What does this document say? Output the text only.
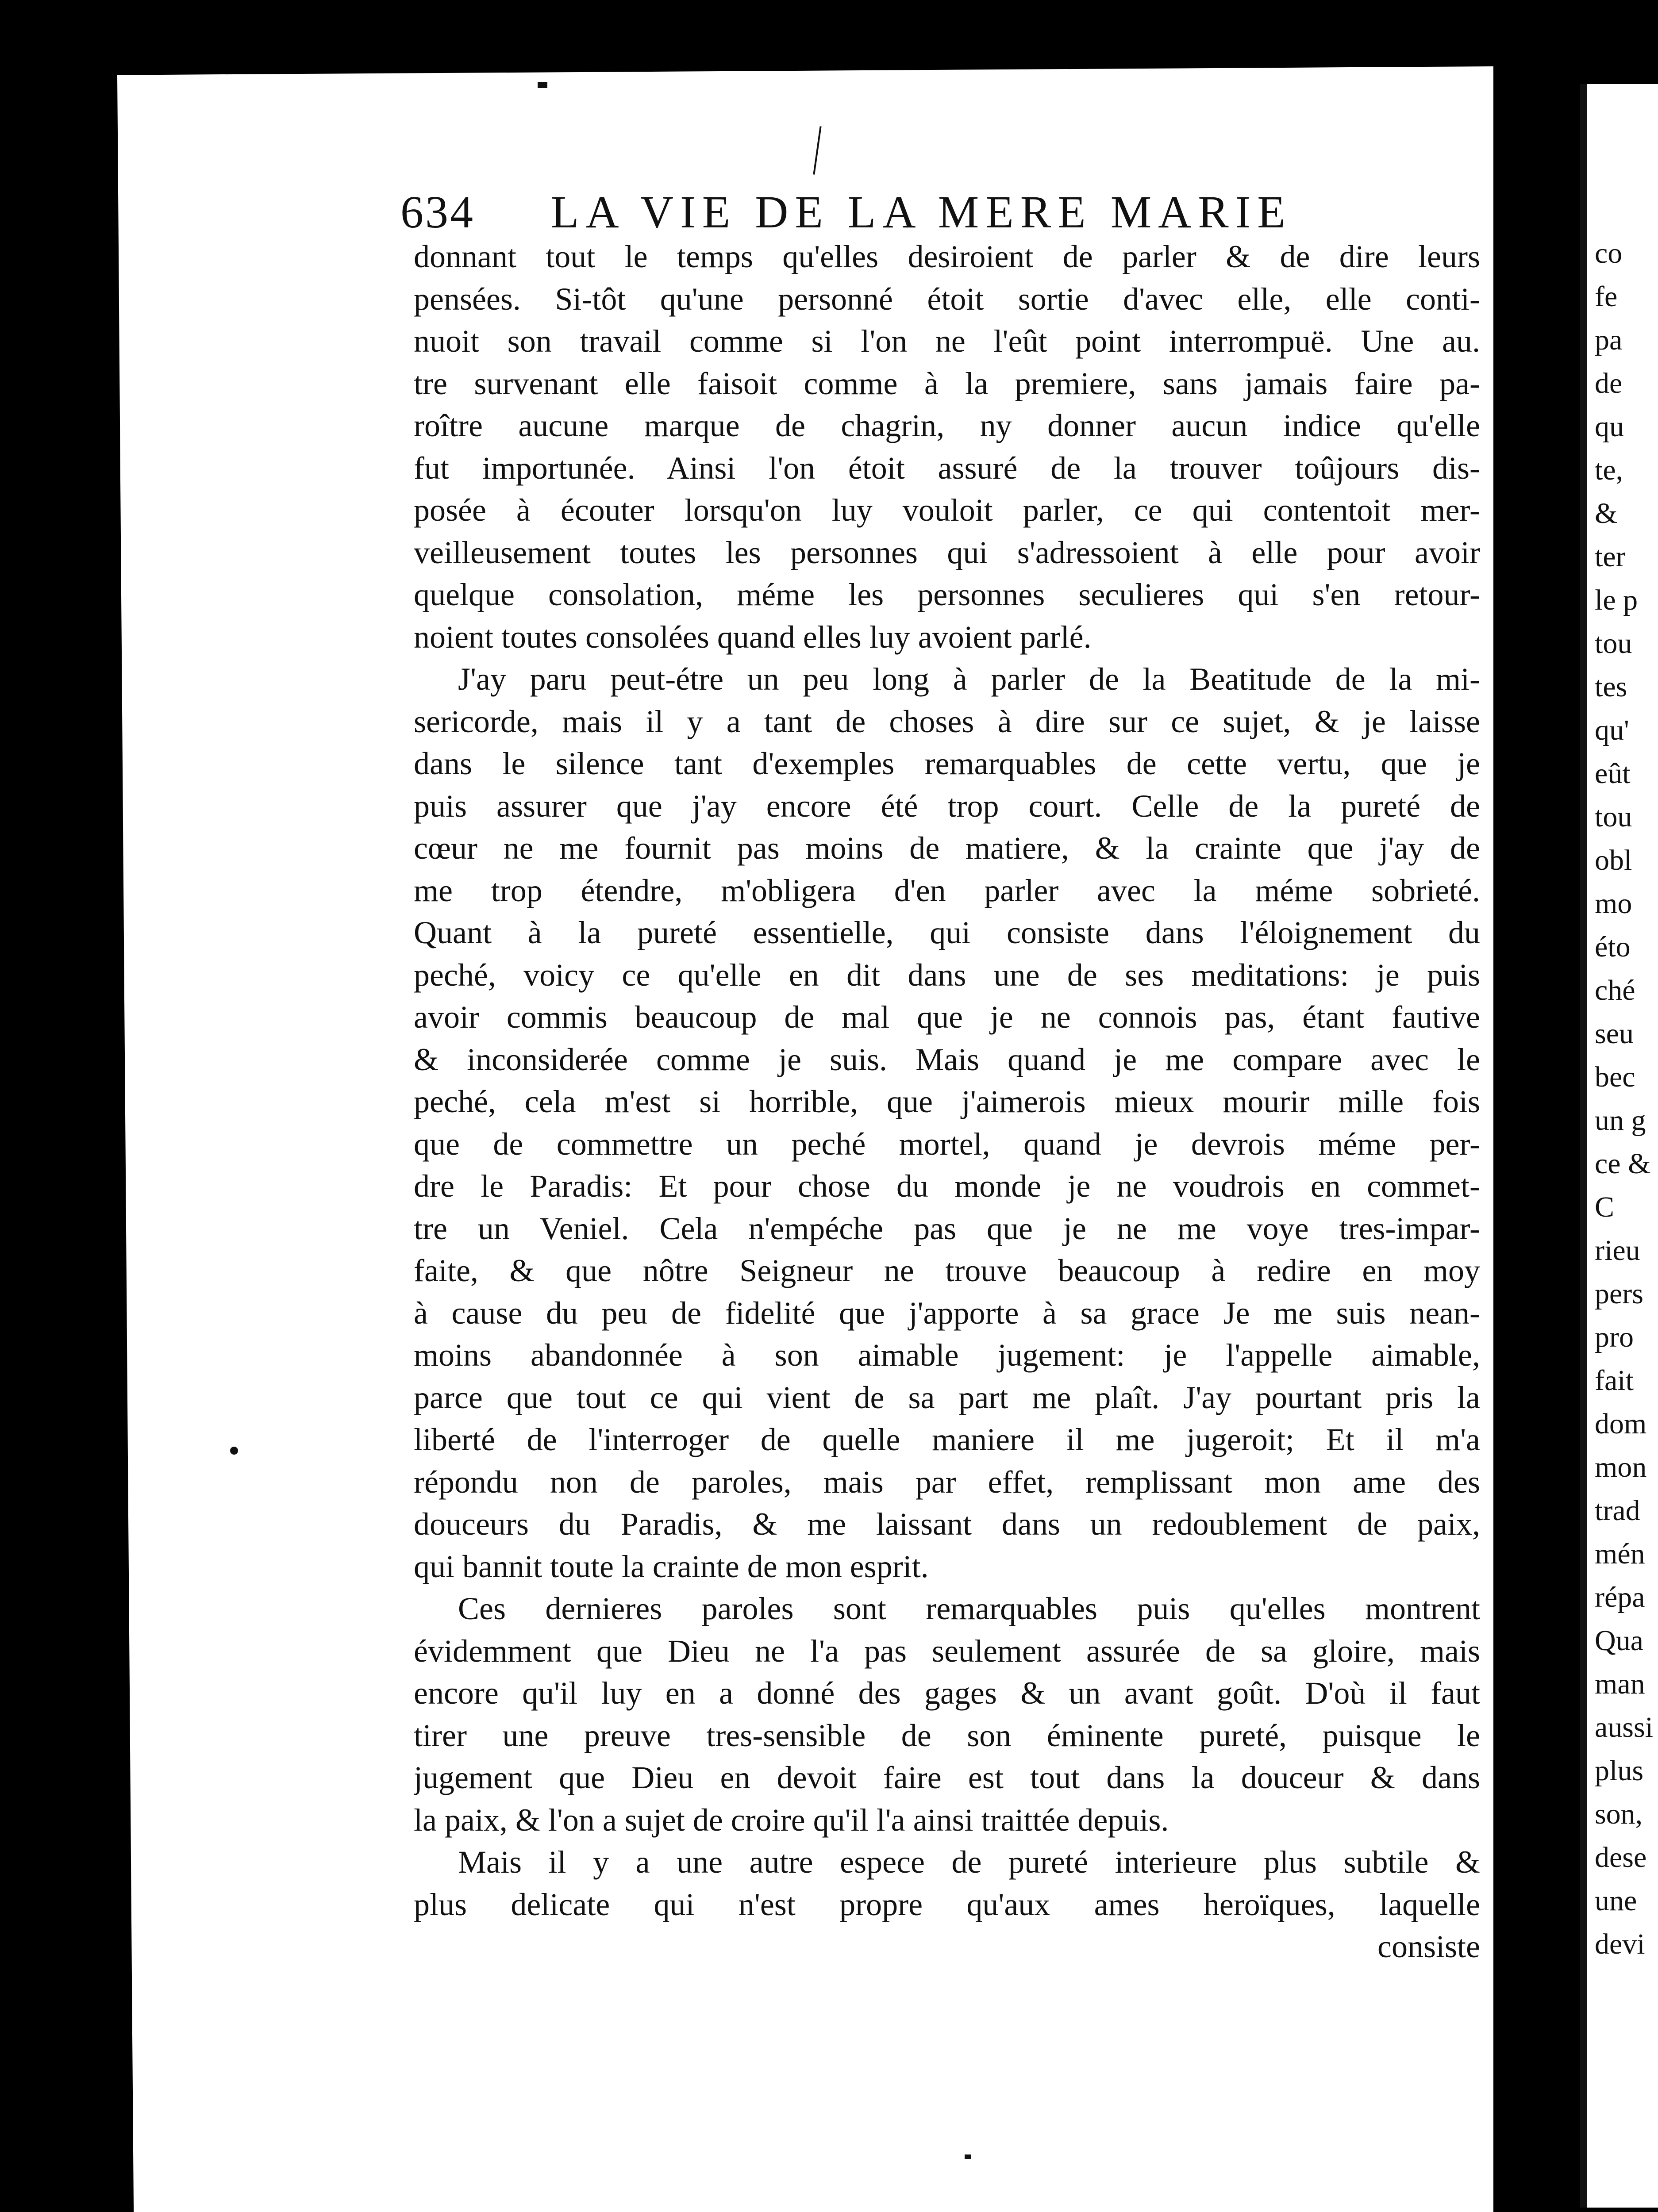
co
fe
pa
de
qu
te,
&
ter
le p
tou
tes
qu'
eût
tou
obl
mo
éto
ché
seu
bec
un g
ce &
C
rieu
pers
pro
fait
dom
mon
trad
mén
répa
Qua
man
aussi
plus
son,
dese
une
devi
634 LA VIE DE LA MERE MARIE
donnant tout le temps qu'elles desiroient de parler & de dire leurs
pensées. Si-tôt qu'une personné étoit sortie d'avec elle, elle conti-
nuoit son travail comme si l'on ne l'eût point interrompuë. Une au.
tre survenant elle faisoit comme à la premiere, sans jamais faire pa-
roître aucune marque de chagrin, ny donner aucun indice qu'elle
fut importunée. Ainsi l'on étoit assuré de la trouver toûjours dis-
posée à écouter lorsqu'on luy vouloit parler, ce qui contentoit mer-
veilleusement toutes les personnes qui s'adressoient à elle pour avoir
quelque consolation, méme les personnes seculieres qui s'en retour-
noient toutes consolées quand elles luy avoient parlé.
J'ay paru peut-étre un peu long à parler de la Beatitude de la mi-
sericorde, mais il y a tant de choses à dire sur ce sujet, & je laisse
dans le silence tant d'exemples remarquables de cette vertu, que je
puis assurer que j'ay encore été trop court. Celle de la pureté de
cœur ne me fournit pas moins de matiere, & la crainte que j'ay de
me trop étendre, m'obligera d'en parler avec la méme sobrieté.
Quant à la pureté essentielle, qui consiste dans l'éloignement du
peché, voicy ce qu'elle en dit dans une de ses meditations: je puis
avoir commis beaucoup de mal que je ne connois pas, étant fautive
& inconsiderée comme je suis. Mais quand je me compare avec le
peché, cela m'est si horrible, que j'aimerois mieux mourir mille fois
que de commettre un peché mortel, quand je devrois méme per-
dre le Paradis: Et pour chose du monde je ne voudrois en commet-
tre un Veniel. Cela n'empéche pas que je ne me voye tres-impar-
faite, & que nôtre Seigneur ne trouve beaucoup à redire en moy
à cause du peu de fidelité que j'apporte à sa grace Je me suis nean-
moins abandonnée à son aimable jugement: je l'appelle aimable,
parce que tout ce qui vient de sa part me plaît. J'ay pourtant pris la
liberté de l'interroger de quelle maniere il me jugeroit; Et il m'a
répondu non de paroles, mais par effet, remplissant mon ame des
douceurs du Paradis, & me laissant dans un redoublement de paix,
qui bannit toute la crainte de mon esprit.
Ces dernieres paroles sont remarquables puis qu'elles montrent
évidemment que Dieu ne l'a pas seulement assurée de sa gloire, mais
encore qu'il luy en a donné des gages & un avant goût. D'où il faut
tirer une preuve tres-sensible de son éminente pureté, puisque le
jugement que Dieu en devoit faire est tout dans la douceur & dans
la paix, & l'on a sujet de croire qu'il l'a ainsi traittée depuis.
Mais il y a une autre espece de pureté interieure plus subtile &
plus delicate qui n'est propre qu'aux ames heroïques, laquelle
consiste
